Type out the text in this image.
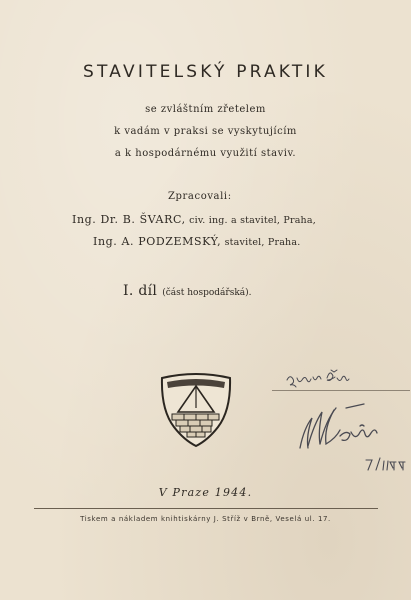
STAVITELSKÝ PRAKTIK
se zvláštním zřetelem
k vadám v praksi se vyskytujícím
a k hospodárnému využití staviv.
Zpracovali:
Ing. Dr. B. ŠVARC, civ. ing. a stavitel, Praha,
Ing. A. PODZEMSKÝ, stavitel, Praha.
I. díl (část hospodářská).
V Praze 1944.
Tiskem a nákladem knihtiskárny J. Stříž v Brně, Veselá ul. 17.
